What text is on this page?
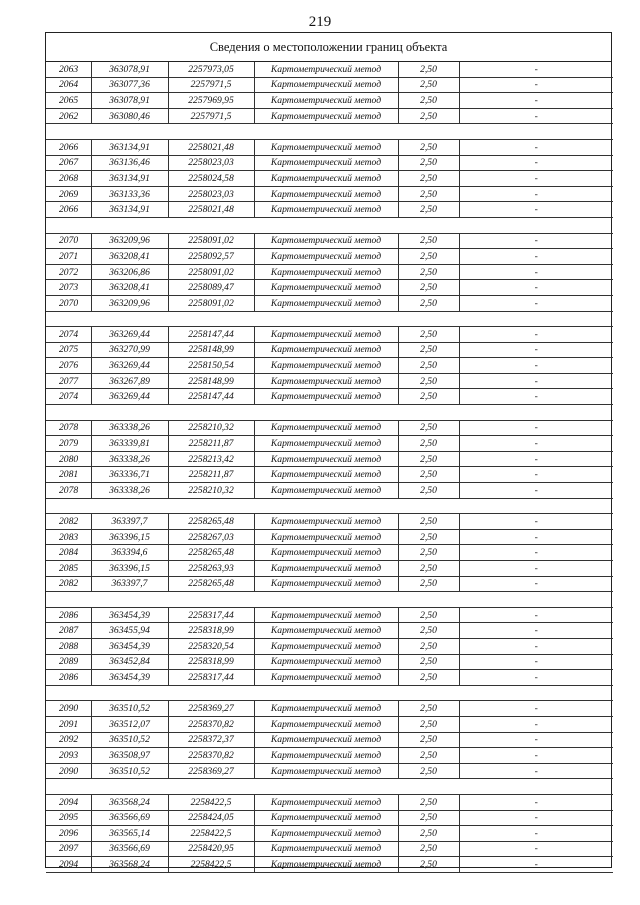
219
Сведения о местоположении границ объекта
2063	363078,91	2257973,05	Картометрический метод	2,50	-
2064	363077,36	2257971,5	Картометрический метод	2,50	-
2065	363078,91	2257969,95	Картометрический метод	2,50	-
2062	363080,46	2257971,5	Картометрический метод	2,50	-

2066	363134,91	2258021,48	Картометрический метод	2,50	-
2067	363136,46	2258023,03	Картометрический метод	2,50	-
2068	363134,91	2258024,58	Картометрический метод	2,50	-
2069	363133,36	2258023,03	Картометрический метод	2,50	-
2066	363134,91	2258021,48	Картометрический метод	2,50	-

2070	363209,96	2258091,02	Картометрический метод	2,50	-
2071	363208,41	2258092,57	Картометрический метод	2,50	-
2072	363206,86	2258091,02	Картометрический метод	2,50	-
2073	363208,41	2258089,47	Картометрический метод	2,50	-
2070	363209,96	2258091,02	Картометрический метод	2,50	-

2074	363269,44	2258147,44	Картометрический метод	2,50	-
2075	363270,99	2258148,99	Картометрический метод	2,50	-
2076	363269,44	2258150,54	Картометрический метод	2,50	-
2077	363267,89	2258148,99	Картометрический метод	2,50	-
2074	363269,44	2258147,44	Картометрический метод	2,50	-

2078	363338,26	2258210,32	Картометрический метод	2,50	-
2079	363339,81	2258211,87	Картометрический метод	2,50	-
2080	363338,26	2258213,42	Картометрический метод	2,50	-
2081	363336,71	2258211,87	Картометрический метод	2,50	-
2078	363338,26	2258210,32	Картометрический метод	2,50	-

2082	363397,7	2258265,48	Картометрический метод	2,50	-
2083	363396,15	2258267,03	Картометрический метод	2,50	-
2084	363394,6	2258265,48	Картометрический метод	2,50	-
2085	363396,15	2258263,93	Картометрический метод	2,50	-
2082	363397,7	2258265,48	Картометрический метод	2,50	-

2086	363454,39	2258317,44	Картометрический метод	2,50	-
2087	363455,94	2258318,99	Картометрический метод	2,50	-
2088	363454,39	2258320,54	Картометрический метод	2,50	-
2089	363452,84	2258318,99	Картометрический метод	2,50	-
2086	363454,39	2258317,44	Картометрический метод	2,50	-

2090	363510,52	2258369,27	Картометрический метод	2,50	-
2091	363512,07	2258370,82	Картометрический метод	2,50	-
2092	363510,52	2258372,37	Картометрический метод	2,50	-
2093	363508,97	2258370,82	Картометрический метод	2,50	-
2090	363510,52	2258369,27	Картометрический метод	2,50	-

2094	363568,24	2258422,5	Картометрический метод	2,50	-
2095	363566,69	2258424,05	Картометрический метод	2,50	-
2096	363565,14	2258422,5	Картометрический метод	2,50	-
2097	363566,69	2258420,95	Картометрический метод	2,50	-
2094	363568,24	2258422,5	Картометрический метод	2,50	-
